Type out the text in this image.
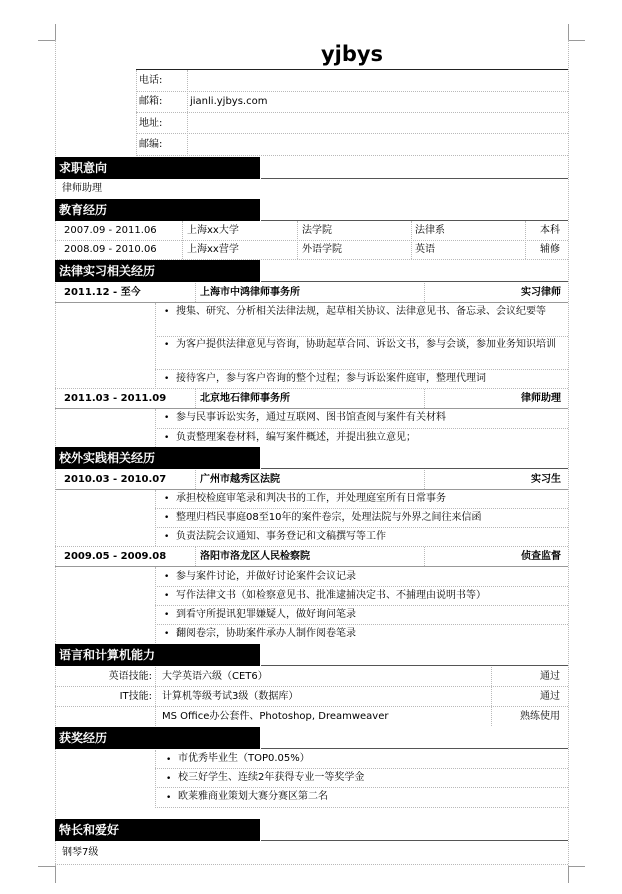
yjbys
电话:
邮箱:	jianli.yjbys.com
地址:
邮编:
求职意向
律师助理
教育经历
2007.09 - 2011.06	上海xx大学	法学院	法律系	本科
2008.09 - 2010.06	上海xx营学	外语学院	英语	辅修
法律实习相关经历
2011.12 - 至今	上海市中鸿律师事务所	实习律师
• 搜集、研究、分析相关法律法规，起草相关协议、法律意见书、备忘录、会议纪要等
• 为客户提供法律意见与咨询，协助起草合同、诉讼文书，参与会谈，参加业务知识培训
• 接待客户，参与客户咨询的整个过程；参与诉讼案件庭审，整理代理词
2011.03 - 2011.09	北京地石律师事务所	律师助理
• 参与民事诉讼实务，通过互联网、图书馆查阅与案件有关材料
• 负责整理案卷材料，编写案件概述，并提出独立意见；
校外实践相关经历
2010.03 - 2010.07	广州市越秀区法院	实习生
• 承担校检庭审笔录和判决书的工作，并处理庭室所有日常事务
• 整理归档民事庭08至10年的案件卷宗，处理法院与外界之间往来信函
• 负责法院会议通知、事务登记和文稿撰写等工作
2009.05 - 2009.08	洛阳市洛龙区人民检察院	侦查监督
• 参与案件讨论，并做好讨论案件会议记录
• 写作法律文书（如检察意见书、批准逮捕决定书、不捕理由说明书等）
• 到看守所提讯犯罪嫌疑人，做好询问笔录
• 翻阅卷宗，协助案件承办人制作阅卷笔录
语言和计算机能力
英语技能: 大学英语六级（CET6）	通过
IT技能: 计算机等级考试3级（数据库）	通过
MS Office办公套件、Photoshop, Dreamweaver	熟练使用
获奖经历
• 市优秀毕业生（TOP0.05%）
• 校三好学生、连续2年获得专业一等奖学金
• 欧莱雅商业策划大赛分赛区第二名
特长和爱好
钢琴7级
